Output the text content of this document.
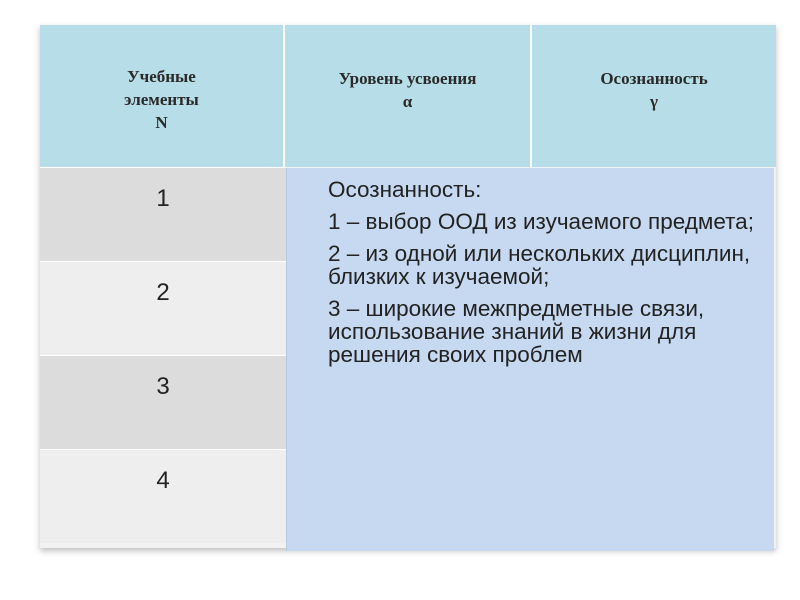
Учебные
элементы
N
Уровень усвоения
α
Осознанность
γ
1
2
3
4

Осознанность:

1 – выбор ООД из изучаемого предмета;

2 – из одной или нескольких дисциплин, близких к изучаемой;

3 – широкие межпредметные связи, использование знаний в жизни для решения своих проблем
